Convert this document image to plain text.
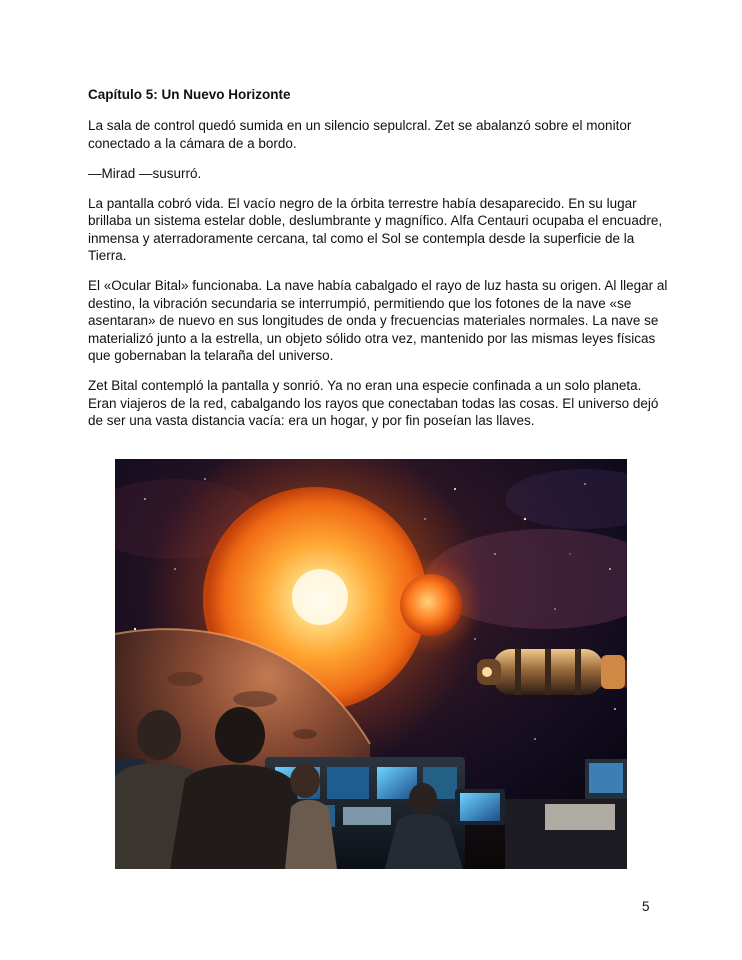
Capítulo 5: Un Nuevo Horizonte

La sala de control quedó sumida en un silencio sepulcral. Zet se abalanzó sobre el monitor conectado a la cámara de a bordo.

—Mirad —susurró.

La pantalla cobró vida. El vacío negro de la órbita terrestre había desaparecido. En su lugar brillaba un sistema estelar doble, deslumbrante y magnífico. Alfa Centauri ocupaba el encuadre, inmensa y aterradoramente cercana, tal como el Sol se contempla desde la superficie de la Tierra.

El «Ocular Bital» funcionaba. La nave había cabalgado el rayo de luz hasta su origen. Al llegar al destino, la vibración secundaria se interrumpió, permitiendo que los fotones de la nave «se asentaran» de nuevo en sus longitudes de onda y frecuencias materiales normales. La nave se materializó junto a la estrella, un objeto sólido otra vez, mantenido por las mismas leyes físicas que gobernaban la telaraña del universo.

Zet Bital contempló la pantalla y sonrió. Ya no eran una especie confinada a un solo planeta. Eran viajeros de la red, cabalgando los rayos que conectaban todas las cosas. El universo dejó de ser una vasta distancia vacía: era un hogar, y por fin poseían las llaves.

5
